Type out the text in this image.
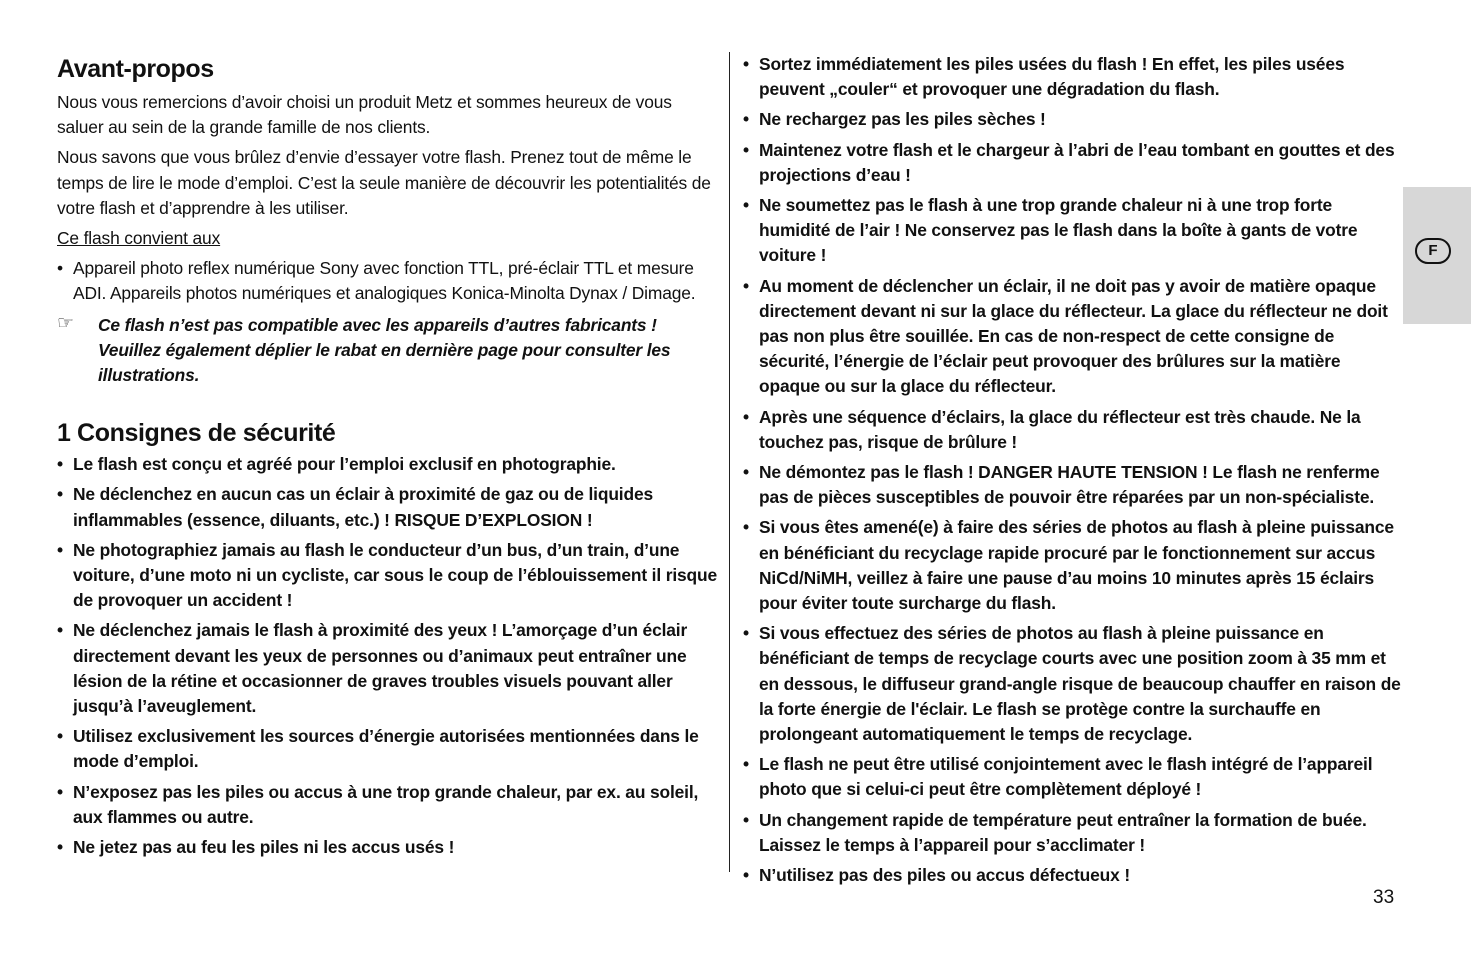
Avant-propos

Nous vous remercions d’avoir choisi un produit Metz et sommes heureux de vous saluer au sein de la grande famille de nos clients.

Nous savons que vous brûlez d’envie d’essayer votre flash. Prenez tout de même le temps de lire le mode d’emploi. C’est la seule manière de découvrir les potentialités de votre flash et d’apprendre à les utiliser.

Ce flash convient aux

• Appareil photo reflex numérique Sony avec fonction TTL, pré-éclair TTL et mesure ADI. Appareils photos numériques et analogiques Konica-Minolta Dynax / Dimage.
☞ Ce flash n’est pas compatible avec les appareils d’autres fabricants ! Veuillez également déplier le rabat en dernière page pour consulter les illustrations.
1 Consignes de sécurité
• Le flash est conçu et agréé pour l’emploi exclusif en photographie.
• Ne déclenchez en aucun cas un éclair à proximité de gaz ou de liquides inflammables (essence, diluants, etc.) ! RISQUE D’EXPLOSION !
• Ne photographiez jamais au flash le conducteur d’un bus, d’un train, d’une voiture, d’une moto ni un cycliste, car sous le coup de l’éblouissement il risque de provoquer un accident !
• Ne déclenchez jamais le flash à proximité des yeux ! L’amorçage d’un éclair directement devant les yeux de personnes ou d’animaux peut entraîner une lésion de la rétine et occasionner de graves troubles visuels pouvant aller jusqu’à l’aveuglement.
• Utilisez exclusivement les sources d’énergie autorisées mentionnées dans le mode d’emploi.
• N’exposez pas les piles ou accus à une trop grande chaleur, par ex. au soleil, aux flammes ou autre.
• Ne jetez pas au feu les piles ni les accus usés !
• Sortez immédiatement les piles usées du flash ! En effet, les piles usées peuvent „couler“ et provoquer une dégradation du flash.
• Ne rechargez pas les piles sèches !
• Maintenez votre flash et le chargeur à l’abri de l’eau tombant en gouttes et des projections d’eau !
• Ne soumettez pas le flash à une trop grande chaleur ni à une trop forte humidité de l’air ! Ne conservez pas le flash dans la boîte à gants de votre voiture !
• Au moment de déclencher un éclair, il ne doit pas y avoir de matière opaque directement devant ni sur la glace du réflecteur. La glace du réflecteur ne doit pas non plus être souillée. En cas de non-respect de cette consigne de sécurité, l’énergie de l’éclair peut provoquer des brûlures sur la matière opaque ou sur la glace du réflecteur.
• Après une séquence d’éclairs, la glace du réflecteur est très chaude. Ne la touchez pas, risque de brûlure !
• Ne démontez pas le flash ! DANGER HAUTE TENSION ! Le flash ne renferme pas de pièces susceptibles de pouvoir être réparées par un non-spécialiste.
• Si vous êtes amené(e) à faire des séries de photos au flash à pleine puissance en bénéficiant du recyclage rapide procuré par le fonctionnement sur accus NiCd/NiMH, veillez à faire une pause d’au moins 10 minutes après 15 éclairs pour éviter toute surcharge du flash.
• Si vous effectuez des séries de photos au flash à pleine puissance en bénéficiant de temps de recyclage courts avec une position zoom à 35 mm et en dessous, le diffuseur grand-angle risque de beaucoup chauffer en raison de la forte énergie de l'éclair. Le flash se protège contre la surchauffe en prolongeant automatiquement le temps de recyclage.
• Le flash ne peut être utilisé conjointement avec le flash intégré de l’appareil photo que si celui-ci peut être complètement déployé !
• Un changement rapide de température peut entraîner la formation de buée. Laissez le temps à l’appareil pour s’acclimater !
• N’utilisez pas des piles ou accus défectueux !
F
33
